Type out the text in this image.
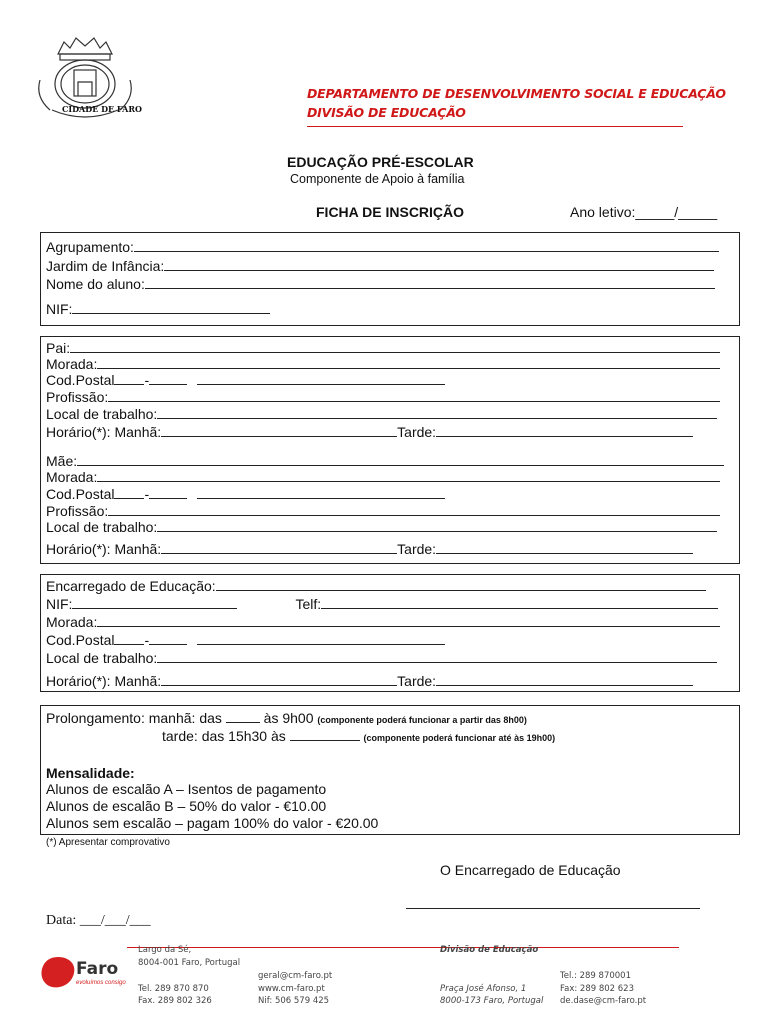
CIDADE DE FARO
DEPARTAMENTO DE DESENVOLVIMENTO SOCIAL E EDUCAÇÃO
DIVISÃO DE EDUCAÇÃO
EDUCAÇÃO PRÉ-ESCOLAR
Componente de Apoio à família
FICHA DE INSCRIÇÃO	Ano letivo:_____/_____
Agrupamento:
Jardim de Infância:
Nome do aluno:
NIF:
Pai:
Morada:
Cod.Postal -
Profissão:
Local de trabalho:
Horário(*): Manhã:	Tarde:
Mãe:
Morada:
Cod.Postal -
Profissão:
Local de trabalho:
Horário(*): Manhã:	Tarde:
Encarregado de Educação:
NIF:	Telf:
Morada:
Cod.Postal -
Local de trabalho:
Horário(*): Manhã:	Tarde:
Prolongamento: manhã: das	às 9h00 (componente poderá funcionar a partir das 8h00)
tarde: das 15h30 às	(componente poderá funcionar até às 19h00)
Mensalidade:
Alunos de escalão A – Isentos de pagamento
Alunos de escalão B – 50% do valor - €10.00
Alunos sem escalão – pagam 100% do valor - €20.00
(*) Apresentar comprovativo
O Encarregado de Educação
Data: ___/___/___
Faro
evoluímos consigo
Largo da Sé,
8004-001 Faro, Portugal
Tel. 289 870 870
Fax. 289 802 326
geral@cm-faro.pt
www.cm-faro.pt
Nif: 506 579 425
Divisão de Educação
Praça José Afonso, 1
8000-173 Faro, Portugal
Tel.: 289 870001
Fax: 289 802 623
de.dase@cm-faro.pt
